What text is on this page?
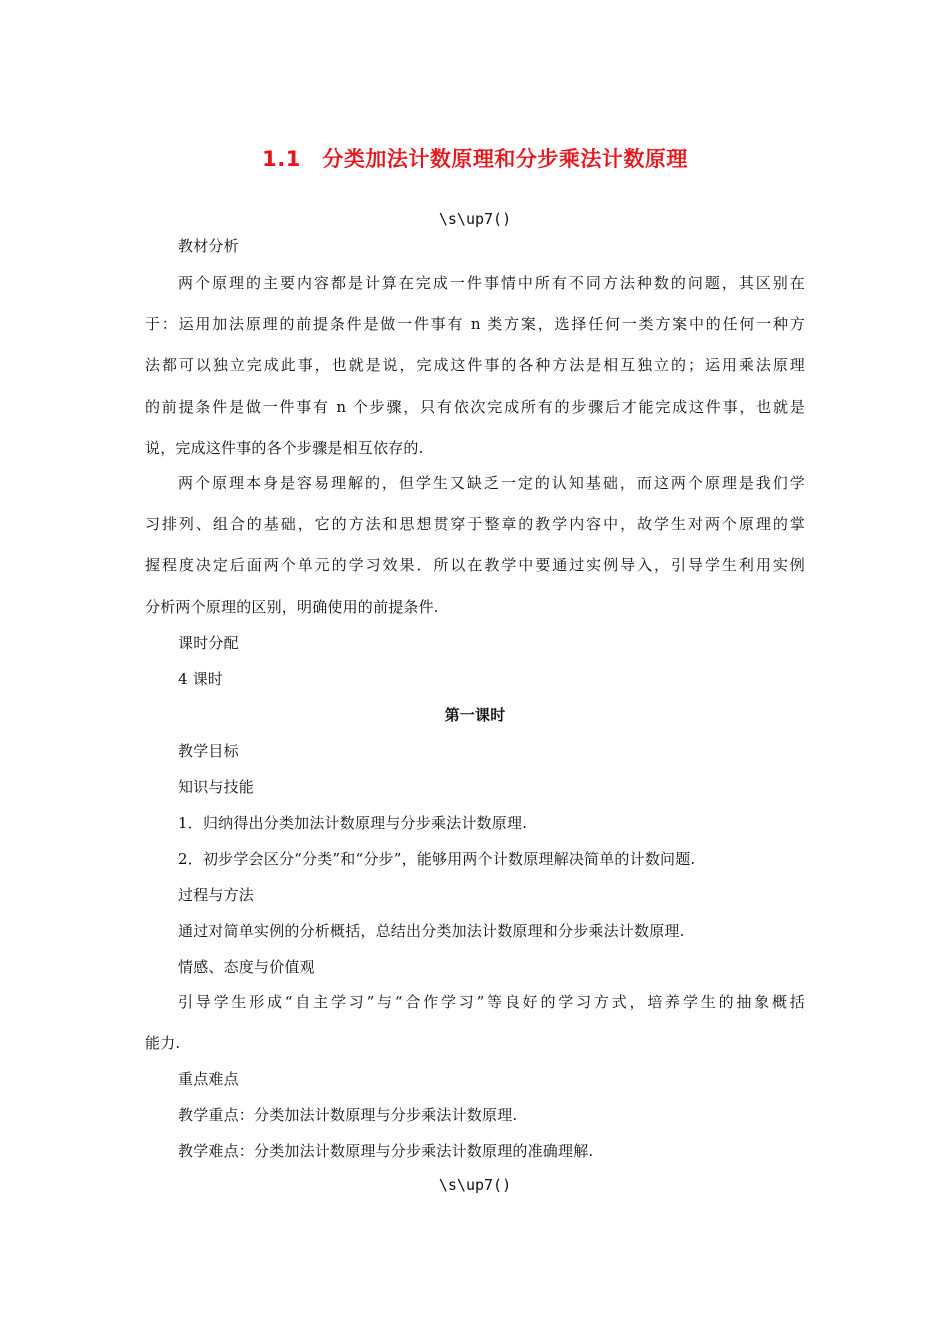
1.1　分类加法计数原理和分步乘法计数原理
\s\up7()
教材分析
两个原理的主要内容都是计算在完成一件事情中所有不同方法种数的问题，其区别在
于：运用加法原理的前提条件是做一件事有 n 类方案，选择任何一类方案中的任何一种方
法都可以独立完成此事，也就是说，完成这件事的各种方法是相互独立的；运用乘法原理
的前提条件是做一件事有 n 个步骤，只有依次完成所有的步骤后才能完成这件事，也就是
说，完成这件事的各个步骤是相互依存的.
两个原理本身是容易理解的，但学生又缺乏一定的认知基础，而这两个原理是我们学
习排列、组合的基础，它的方法和思想贯穿于整章的教学内容中，故学生对两个原理的掌
握程度决定后面两个单元的学习效果．所以在教学中要通过实例导入，引导学生利用实例
分析两个原理的区别，明确使用的前提条件.
课时分配
4 课时
第一课时
教学目标
知识与技能
1．归纳得出分类加法计数原理与分步乘法计数原理.
2．初步学会区分“分类”和“分步”，能够用两个计数原理解决简单的计数问题.
过程与方法
通过对简单实例的分析概括，总结出分类加法计数原理和分步乘法计数原理.
情感、态度与价值观
引导学生形成“自主学习”与“合作学习”等良好的学习方式，培养学生的抽象概括
能力.
重点难点
教学重点：分类加法计数原理与分步乘法计数原理.
教学难点：分类加法计数原理与分步乘法计数原理的准确理解.
\s\up7()
